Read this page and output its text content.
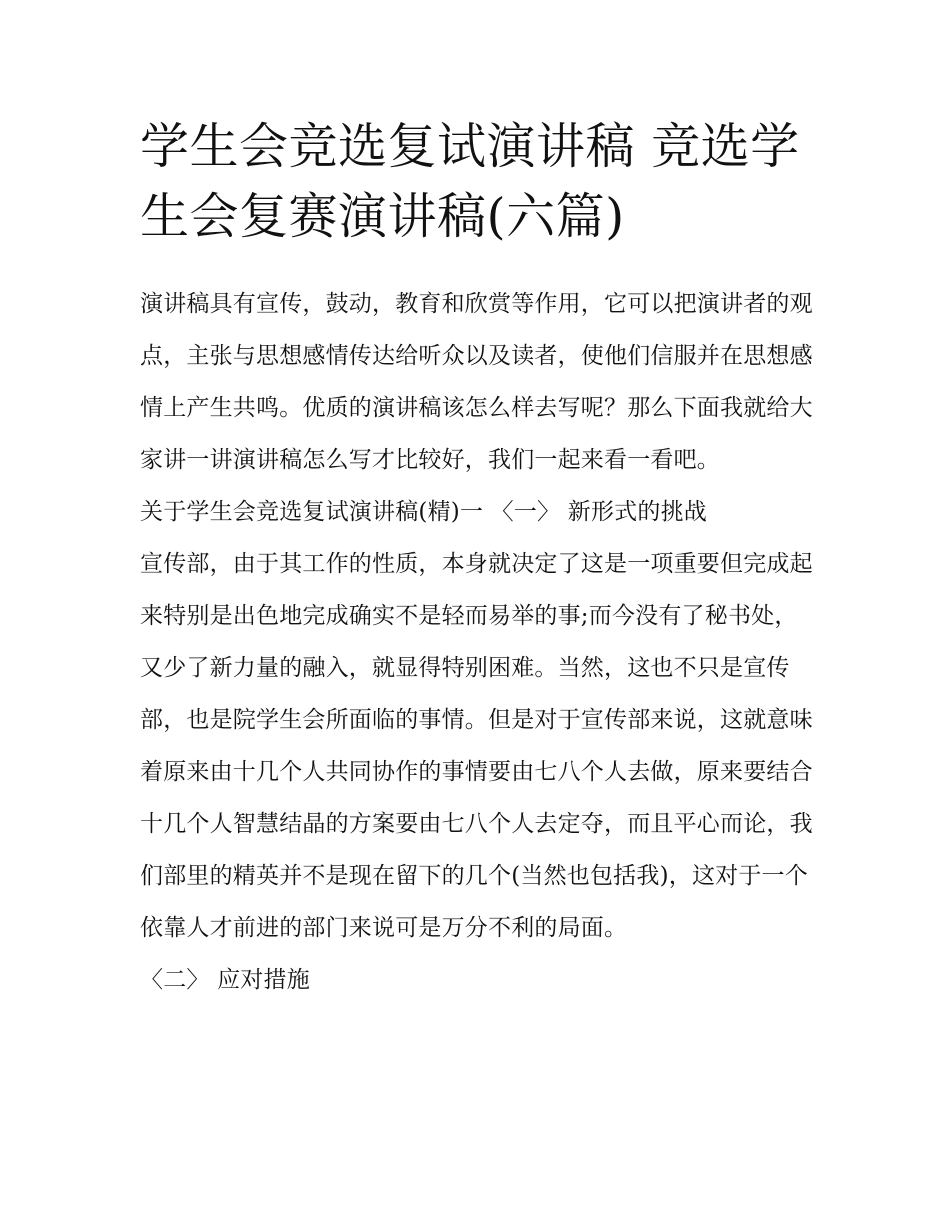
学生会竞选复试演讲稿 竞选学生会复赛演讲稿(六篇)

演讲稿具有宣传，鼓动，教育和欣赏等作用，它可以把演讲者的观点，主张与思想感情传达给听众以及读者，使他们信服并在思想感情上产生共鸣。优质的演讲稿该怎么样去写呢？那么下面我就给大家讲一讲演讲稿怎么写才比较好，我们一起来看一看吧。

关于学生会竞选复试演讲稿(精)一 〈一〉 新形式的挑战

宣传部，由于其工作的性质，本身就决定了这是一项重要但完成起来特别是出色地完成确实不是轻而易举的事;而今没有了秘书处，又少了新力量的融入，就显得特别困难。当然，这也不只是宣传部，也是院学生会所面临的事情。但是对于宣传部来说，这就意味着原来由十几个人共同协作的事情要由七八个人去做，原来要结合十几个人智慧结晶的方案要由七八个人去定夺，而且平心而论，我们部里的精英并不是现在留下的几个(当然也包括我)，这对于一个依靠人才前进的部门来说可是万分不利的局面。

〈二〉 应对措施
